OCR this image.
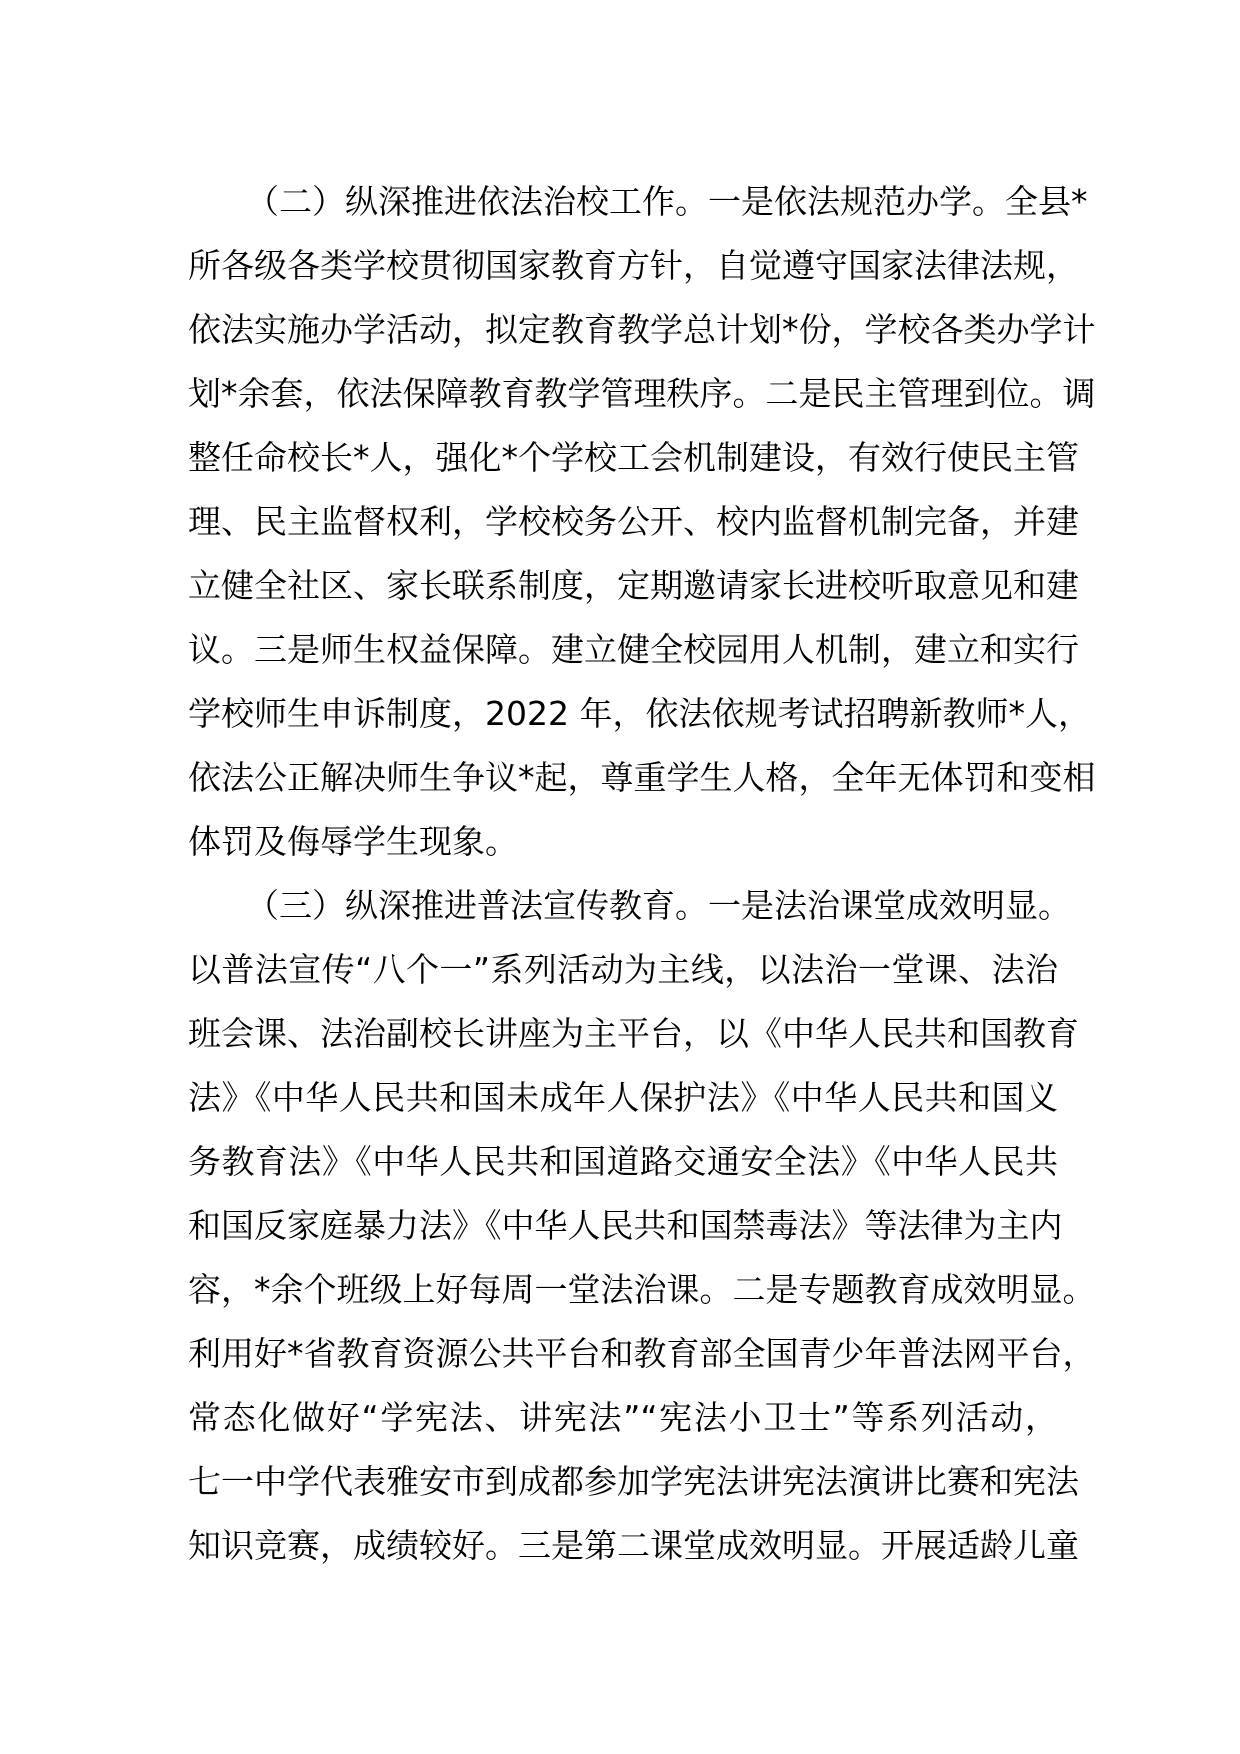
（二）纵深推进依法治校工作。一是依法规范办学。全县*
所各级各类学校贯彻国家教育方针，自觉遵守国家法律法规，
依法实施办学活动，拟定教育教学总计划*份，学校各类办学计
划*余套，依法保障教育教学管理秩序。二是民主管理到位。调
整任命校长*人，强化*个学校工会机制建设，有效行使民主管
理、民主监督权利，学校校务公开、校内监督机制完备，并建
立健全社区、家长联系制度，定期邀请家长进校听取意见和建
议。三是师生权益保障。建立健全校园用人机制，建立和实行
学校师生申诉制度，2022 年，依法依规考试招聘新教师*人，
依法公正解决师生争议*起，尊重学生人格，全年无体罚和变相
体罚及侮辱学生现象。
（三）纵深推进普法宣传教育。一是法治课堂成效明显。
以普法宣传“八个一”系列活动为主线，以法治一堂课、法治
班会课、法治副校长讲座为主平台，以《中华人民共和国教育
法》《中华人民共和国未成年人保护法》《中华人民共和国义
务教育法》《中华人民共和国道路交通安全法》《中华人民共
和国反家庭暴力法》《中华人民共和国禁毒法》等法律为主内
容，*余个班级上好每周一堂法治课。二是专题教育成效明显。
利用好*省教育资源公共平台和教育部全国青少年普法网平台，
常态化做好“学宪法、讲宪法”“宪法小卫士”等系列活动，
七一中学代表雅安市到成都参加学宪法讲宪法演讲比赛和宪法
知识竞赛，成绩较好。三是第二课堂成效明显。开展适龄儿童
